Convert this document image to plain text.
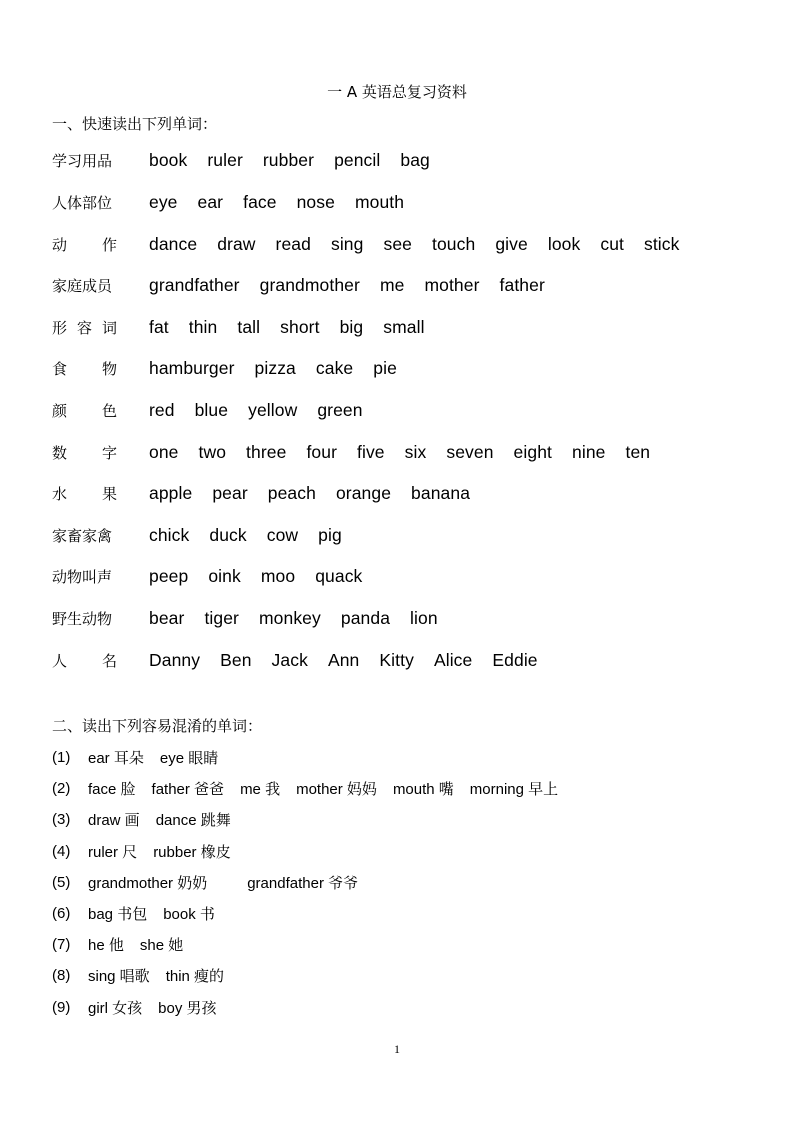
一 A 英语总复习资料
一、快速读出下列单词：
学习用品 book ruler rubber pencil bag
人体部位 eye ear face nose mouth
动 作 dance draw read sing see touch give look cut stick
家庭成员 grandfather grandmother me mother father
形 容 词 fat thin tall short big small
食 物 hamburger pizza cake pie
颜 色 red blue yellow green
数 字 one two three four five six seven eight nine ten
水 果 apple pear peach orange banana
家畜家禽 chick duck cow pig
动物叫声 peep oink moo quack
野生动物 bear tiger monkey panda lion
人 名 Danny Ben Jack Ann Kitty Alice Eddie
二、读出下列容易混淆的单词：
(1)	ear 耳朵 eye 眼睛
(2)	face 脸 father 爸爸 me 我 mother 妈妈 mouth 嘴 morning 早上
(3)	draw 画 dance 跳舞
(4)	ruler 尺 rubber 橡皮
(5)	grandmother 奶奶	grandfather 爷爷
(6)	bag 书包 book 书
(7)	he 他 she 她
(8)	sing 唱歌 thin 瘦的
(9)	girl 女孩 boy 男孩
1
